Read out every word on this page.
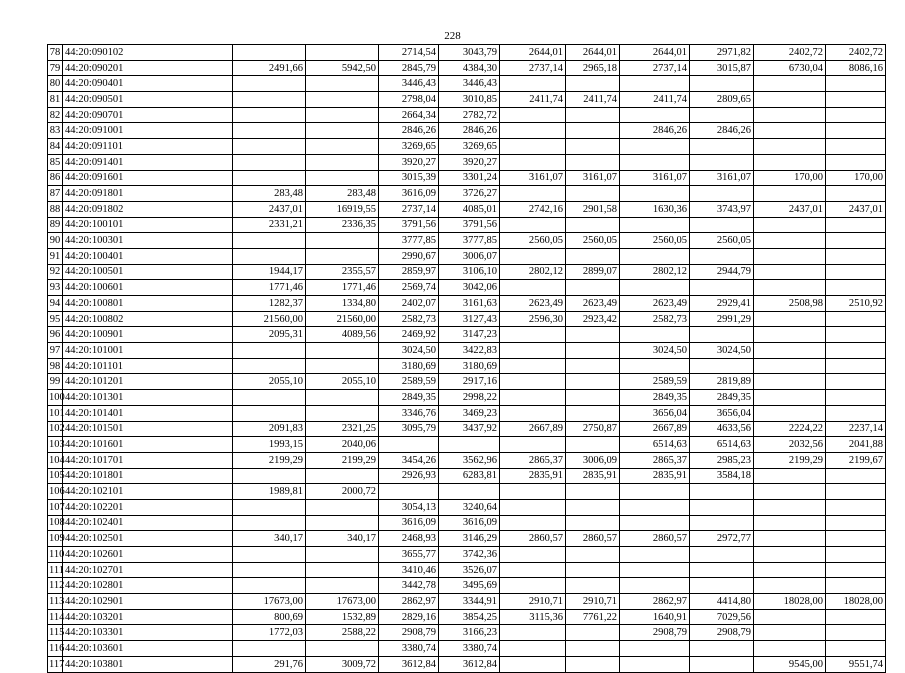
228
78	44:20:090102			2714,54	3043,79	2644,01	2644,01	2644,01	2971,82	2402,72	2402,72
79	44:20:090201	2491,66	5942,50	2845,79	4384,30	2737,14	2965,18	2737,14	3015,87	6730,04	8086,16
80	44:20:090401			3446,43	3446,43						
81	44:20:090501			2798,04	3010,85	2411,74	2411,74	2411,74	2809,65		
82	44:20:090701			2664,34	2782,72						
83	44:20:091001			2846,26	2846,26			2846,26	2846,26		
84	44:20:091101			3269,65	3269,65						
85	44:20:091401			3920,27	3920,27						
86	44:20:091601			3015,39	3301,24	3161,07	3161,07	3161,07	3161,07	170,00	170,00
87	44:20:091801	283,48	283,48	3616,09	3726,27						
88	44:20:091802	2437,01	16919,55	2737,14	4085,01	2742,16	2901,58	1630,36	3743,97	2437,01	2437,01
89	44:20:100101	2331,21	2336,35	3791,56	3791,56						
90	44:20:100301			3777,85	3777,85	2560,05	2560,05	2560,05	2560,05		
91	44:20:100401			2990,67	3006,07						
92	44:20:100501	1944,17	2355,57	2859,97	3106,10	2802,12	2899,07	2802,12	2944,79		
93	44:20:100601	1771,46	1771,46	2569,74	3042,06						
94	44:20:100801	1282,37	1334,80	2402,07	3161,63	2623,49	2623,49	2623,49	2929,41	2508,98	2510,92
95	44:20:100802	21560,00	21560,00	2582,73	3127,43	2596,30	2923,42	2582,73	2991,29		
96	44:20:100901	2095,31	4089,56	2469,92	3147,23						
97	44:20:101001			3024,50	3422,83			3024,50	3024,50		
98	44:20:101101			3180,69	3180,69						
99	44:20:101201	2055,10	2055,10	2589,59	2917,16			2589,59	2819,89		
100	44:20:101301			2849,35	2998,22			2849,35	2849,35		
101	44:20:101401			3346,76	3469,23			3656,04	3656,04		
102	44:20:101501	2091,83	2321,25	3095,79	3437,92	2667,89	2750,87	2667,89	4633,56	2224,22	2237,14
103	44:20:101601	1993,15	2040,06					6514,63	6514,63	2032,56	2041,88
104	44:20:101701	2199,29	2199,29	3454,26	3562,96	2865,37	3006,09	2865,37	2985,23	2199,29	2199,67
105	44:20:101801			2926,93	6283,81	2835,91	2835,91	2835,91	3584,18		
106	44:20:102101	1989,81	2000,72								
107	44:20:102201			3054,13	3240,64						
108	44:20:102401			3616,09	3616,09						
109	44:20:102501	340,17	340,17	2468,93	3146,29	2860,57	2860,57	2860,57	2972,77		
110	44:20:102601			3655,77	3742,36						
111	44:20:102701			3410,46	3526,07						
112	44:20:102801			3442,78	3495,69						
113	44:20:102901	17673,00	17673,00	2862,97	3344,91	2910,71	2910,71	2862,97	4414,80	18028,00	18028,00
114	44:20:103201	800,69	1532,89	2829,16	3854,25	3115,36	7761,22	1640,91	7029,56		
115	44:20:103301	1772,03	2588,22	2908,79	3166,23			2908,79	2908,79		
116	44:20:103601			3380,74	3380,74						
117	44:20:103801	291,76	3009,72	3612,84	3612,84					9545,00	9551,74
